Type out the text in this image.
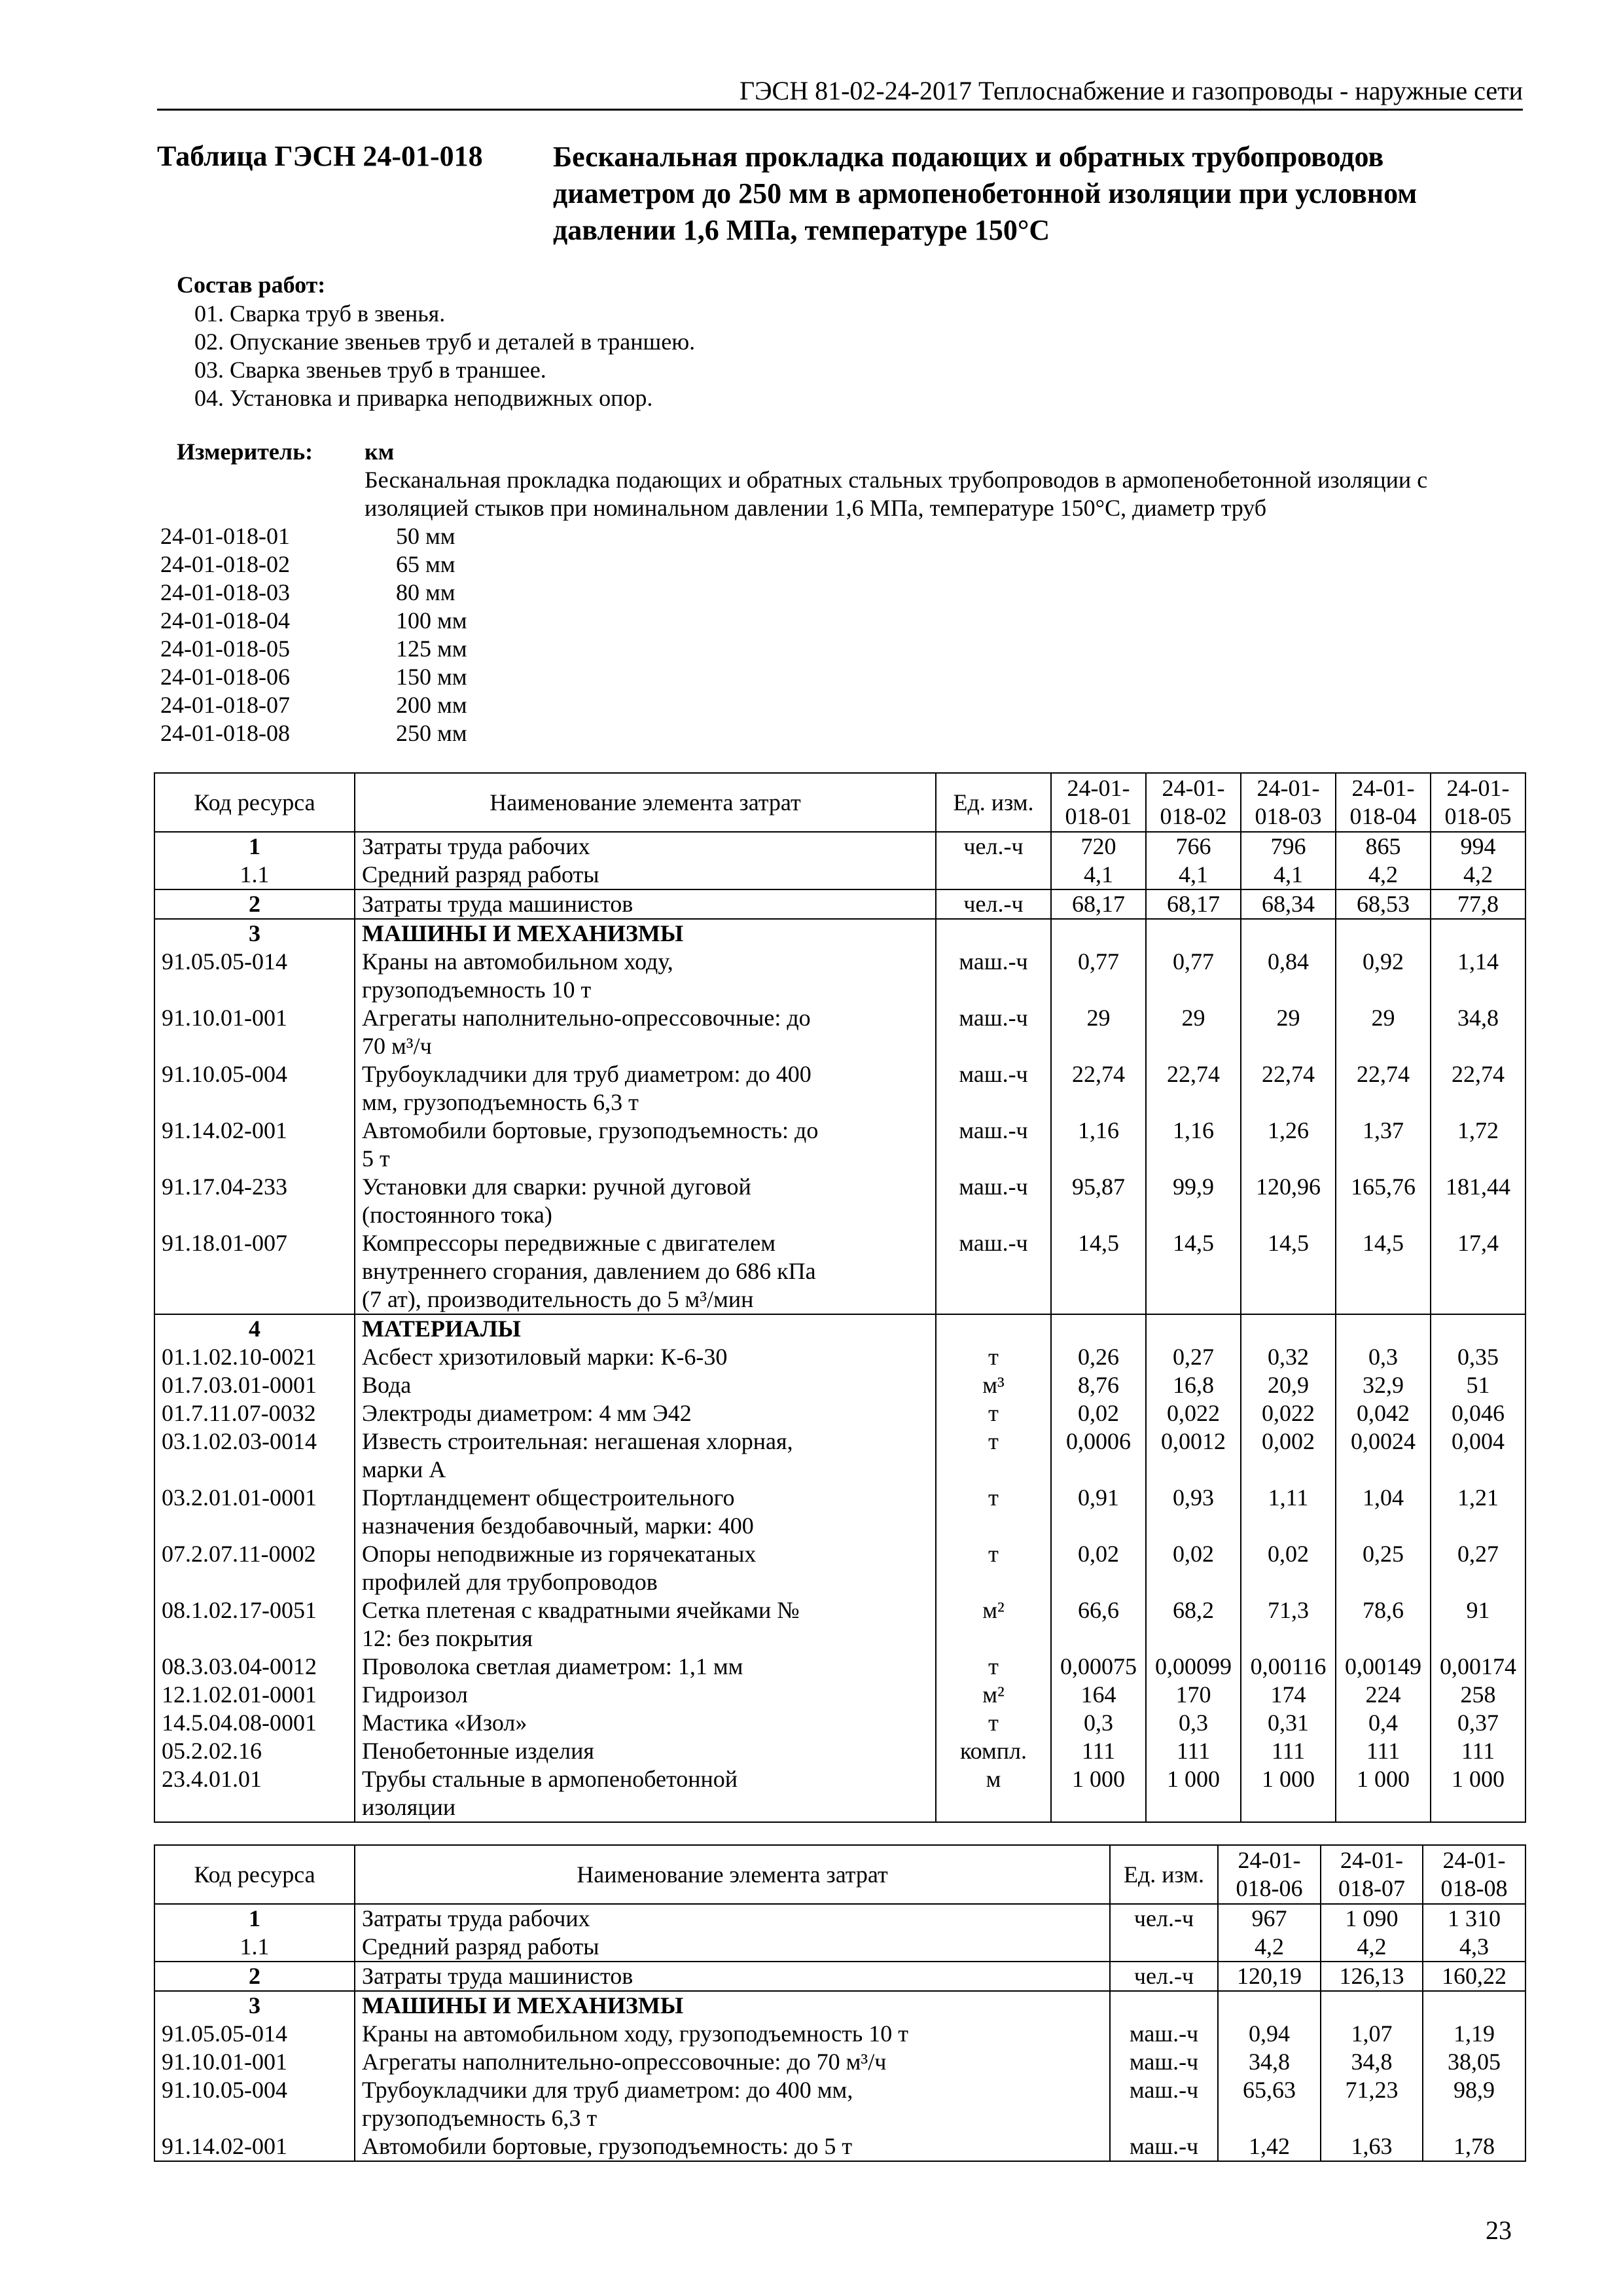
ГЭСН 81-02-24-2017 Теплоснабжение и газопроводы - наружные сети
Таблица ГЭСН 24-01-018 Бесканальная прокладка подающих и обратных трубопроводов
диаметром до 250 мм в армопенобетонной изоляции при условном
давлении 1,6 МПа, температуре 150°С
Состав работ:
01. Сварка труб в звенья.
02. Опускание звеньев труб и деталей в траншею.
03. Сварка звеньев труб в траншее.
04. Установка и приварка неподвижных опор.
Измеритель: км
Бесканальная прокладка подающих и обратных стальных трубопроводов в армопенобетонной изоляции с
изоляцией стыков при номинальном давлении 1,6 МПа, температуре 150°С, диаметр труб
24-01-018-01	50 мм
24-01-018-02	65 мм
24-01-018-03	80 мм
24-01-018-04	100 мм
24-01-018-05	125 мм
24-01-018-06	150 мм
24-01-018-07	200 мм
24-01-018-08	250 мм
Код ресурса	Наименование элемента затрат	Ед. изм.	24-01-
018-01	24-01-
018-02	24-01-
018-03	24-01-
018-04	24-01-
018-05
1	Затраты труда рабочих	чел.-ч	720	766	796	865	994
1.1	Средний разряд работы		4,1	4,1	4,1	4,2	4,2
2	Затраты труда машинистов	чел.-ч	68,17	68,17	68,34	68,53	77,8
3	МАШИНЫ И МЕХАНИЗМЫ						
91.05.05-014	Краны на автомобильном ходу,
грузоподъемность 10 т	маш.-ч	0,77	0,77	0,84	0,92	1,14
91.10.01-001	Агрегаты наполнительно-опрессовочные: до
70 м³/ч	маш.-ч	29	29	29	29	34,8
91.10.05-004	Трубоукладчики для труб диаметром: до 400
мм, грузоподъемность 6,3 т	маш.-ч	22,74	22,74	22,74	22,74	22,74
91.14.02-001	Автомобили бортовые, грузоподъемность: до
5 т	маш.-ч	1,16	1,16	1,26	1,37	1,72
91.17.04-233	Установки для сварки: ручной дуговой
(постоянного тока)	маш.-ч	95,87	99,9	120,96	165,76	181,44
91.18.01-007	Компрессоры передвижные с двигателем
внутреннего сгорания, давлением до 686 кПа
(7 ат), производительность до 5 м³/мин	маш.-ч	14,5	14,5	14,5	14,5	17,4
4	МАТЕРИАЛЫ						
01.1.02.10-0021	Асбест хризотиловый марки: К-6-30	т	0,26	0,27	0,32	0,3	0,35
01.7.03.01-0001	Вода	м³	8,76	16,8	20,9	32,9	51
01.7.11.07-0032	Электроды диаметром: 4 мм Э42	т	0,02	0,022	0,022	0,042	0,046
03.1.02.03-0014	Известь строительная: негашеная хлорная,
марки А	т	0,0006	0,0012	0,002	0,0024	0,004
03.2.01.01-0001	Портландцемент общестроительного
назначения бездобавочный, марки: 400	т	0,91	0,93	1,11	1,04	1,21
07.2.07.11-0002	Опоры неподвижные из горячекатаных
профилей для трубопроводов	т	0,02	0,02	0,02	0,25	0,27
08.1.02.17-0051	Сетка плетеная с квадратными ячейками №
12: без покрытия	м²	66,6	68,2	71,3	78,6	91
08.3.03.04-0012	Проволока светлая диаметром: 1,1 мм	т	0,00075	0,00099	0,00116	0,00149	0,00174
12.1.02.01-0001	Гидроизол	м²	164	170	174	224	258
14.5.04.08-0001	Мастика «Изол»	т	0,3	0,3	0,31	0,4	0,37
05.2.02.16	Пенобетонные изделия	компл.	111	111	111	111	111
23.4.01.01	Трубы стальные в армопенобетонной
изоляции	м	1 000	1 000	1 000	1 000	1 000
Код ресурса	Наименование элемента затрат	Ед. изм.	24-01-
018-06	24-01-
018-07	24-01-
018-08
1	Затраты труда рабочих	чел.-ч	967	1 090	1 310
1.1	Средний разряд работы		4,2	4,2	4,3
2	Затраты труда машинистов	чел.-ч	120,19	126,13	160,22
3	МАШИНЫ И МЕХАНИЗМЫ				
91.05.05-014	Краны на автомобильном ходу, грузоподъемность 10 т	маш.-ч	0,94	1,07	1,19
91.10.01-001	Агрегаты наполнительно-опрессовочные: до 70 м³/ч	маш.-ч	34,8	34,8	38,05
91.10.05-004	Трубоукладчики для труб диаметром: до 400 мм,
грузоподъемность 6,3 т	маш.-ч	65,63	71,23	98,9
91.14.02-001	Автомобили бортовые, грузоподъемность: до 5 т	маш.-ч	1,42	1,63	1,78
23
